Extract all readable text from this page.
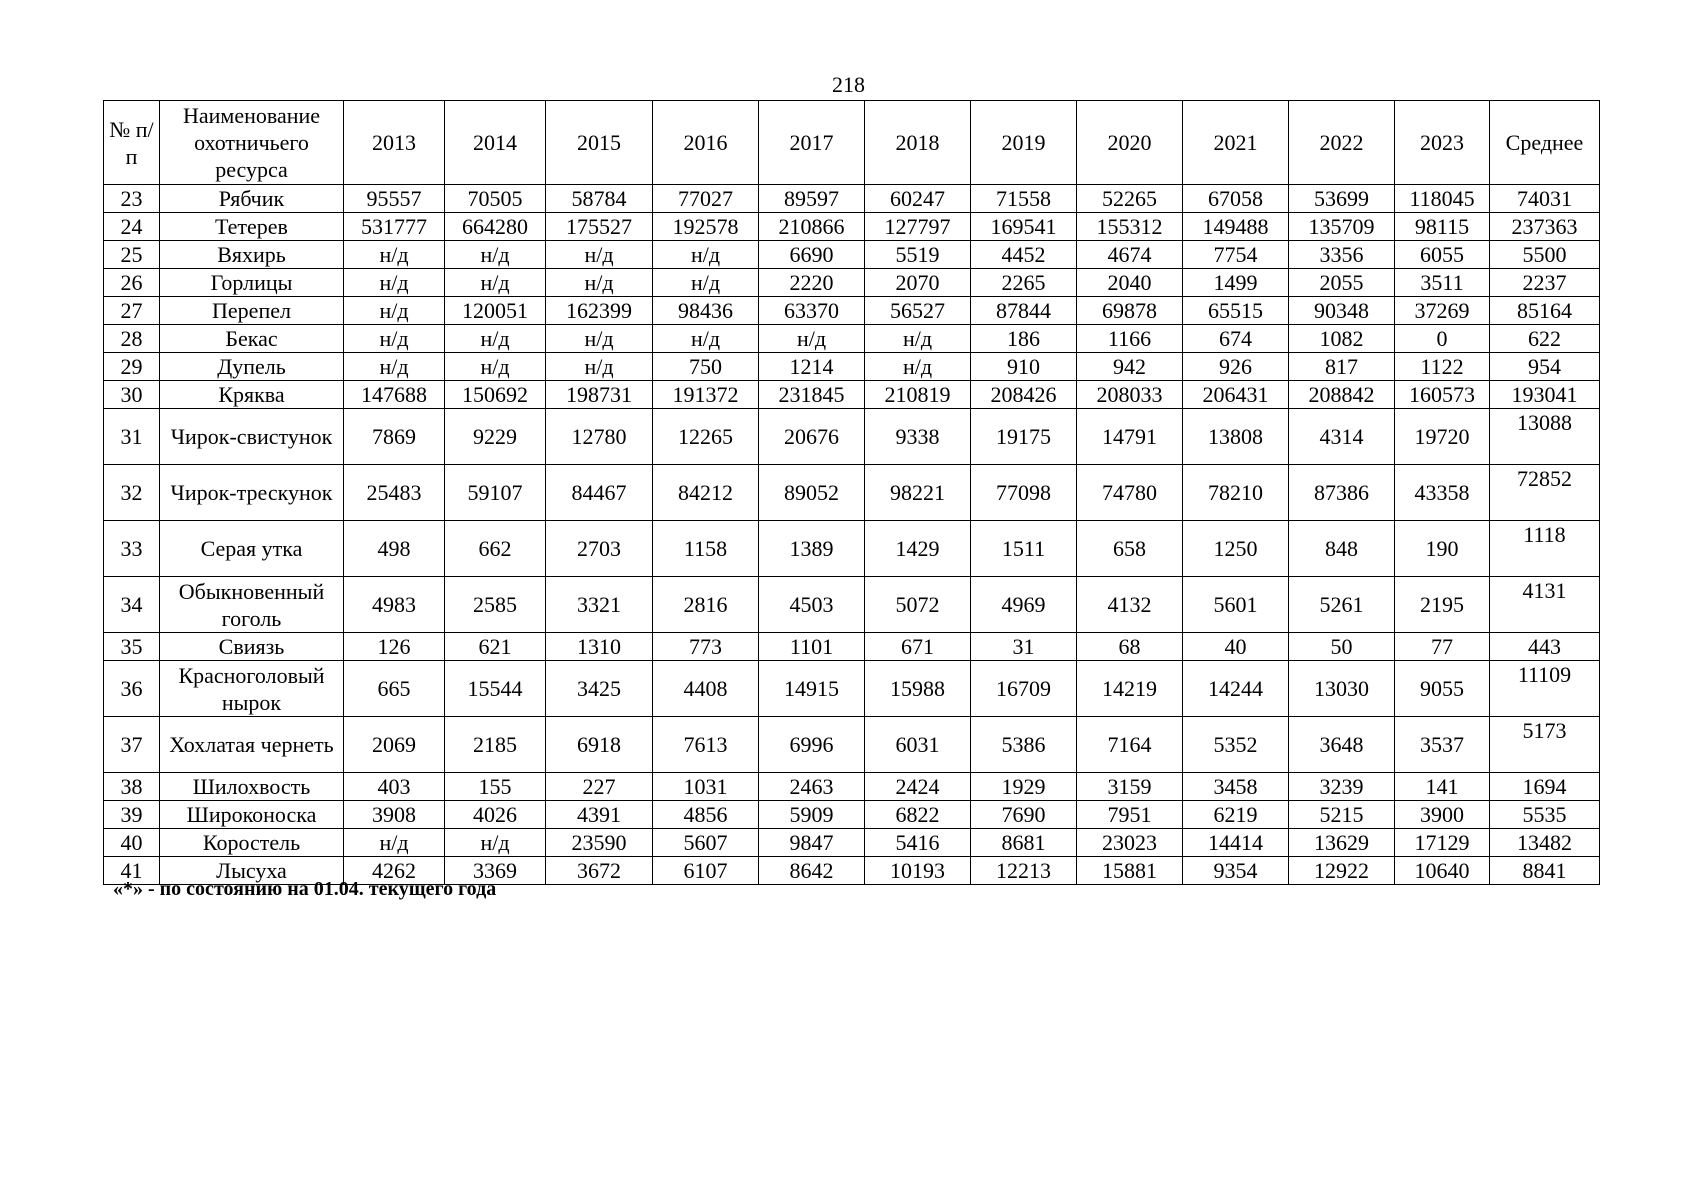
218
№ п/п	Наименование охотничьего ресурса	2013	2014	2015	2016	2017	2018	2019	2020	2021	2022	2023	Среднее
23	Рябчик	95557	70505	58784	77027	89597	60247	71558	52265	67058	53699	118045	74031
24	Тетерев	531777	664280	175527	192578	210866	127797	169541	155312	149488	135709	98115	237363
25	Вяхирь	н/д	н/д	н/д	н/д	6690	5519	4452	4674	7754	3356	6055	5500
26	Горлицы	н/д	н/д	н/д	н/д	2220	2070	2265	2040	1499	2055	3511	2237
27	Перепел	н/д	120051	162399	98436	63370	56527	87844	69878	65515	90348	37269	85164
28	Бекас	н/д	н/д	н/д	н/д	н/д	н/д	186	1166	674	1082	0	622
29	Дупель	н/д	н/д	н/д	750	1214	н/д	910	942	926	817	1122	954
30	Кряква	147688	150692	198731	191372	231845	210819	208426	208033	206431	208842	160573	193041
31	Чирок-свистунок	7869	9229	12780	12265	20676	9338	19175	14791	13808	4314	19720	13088
32	Чирок-трескунок	25483	59107	84467	84212	89052	98221	77098	74780	78210	87386	43358	72852
33	Серая утка	498	662	2703	1158	1389	1429	1511	658	1250	848	190	1118
34	Обыкновенный гоголь	4983	2585	3321	2816	4503	5072	4969	4132	5601	5261	2195	4131
35	Свиязь	126	621	1310	773	1101	671	31	68	40	50	77	443
36	Красноголовый нырок	665	15544	3425	4408	14915	15988	16709	14219	14244	13030	9055	11109
37	Хохлатая чернеть	2069	2185	6918	7613	6996	6031	5386	7164	5352	3648	3537	5173
38	Шилохвость	403	155	227	1031	2463	2424	1929	3159	3458	3239	141	1694
39	Широконоска	3908	4026	4391	4856	5909	6822	7690	7951	6219	5215	3900	5535
40	Коростель	н/д	н/д	23590	5607	9847	5416	8681	23023	14414	13629	17129	13482
41	Лысуха	4262	3369	3672	6107	8642	10193	12213	15881	9354	12922	10640	8841
«*» - по состоянию на 01.04. текущего года
